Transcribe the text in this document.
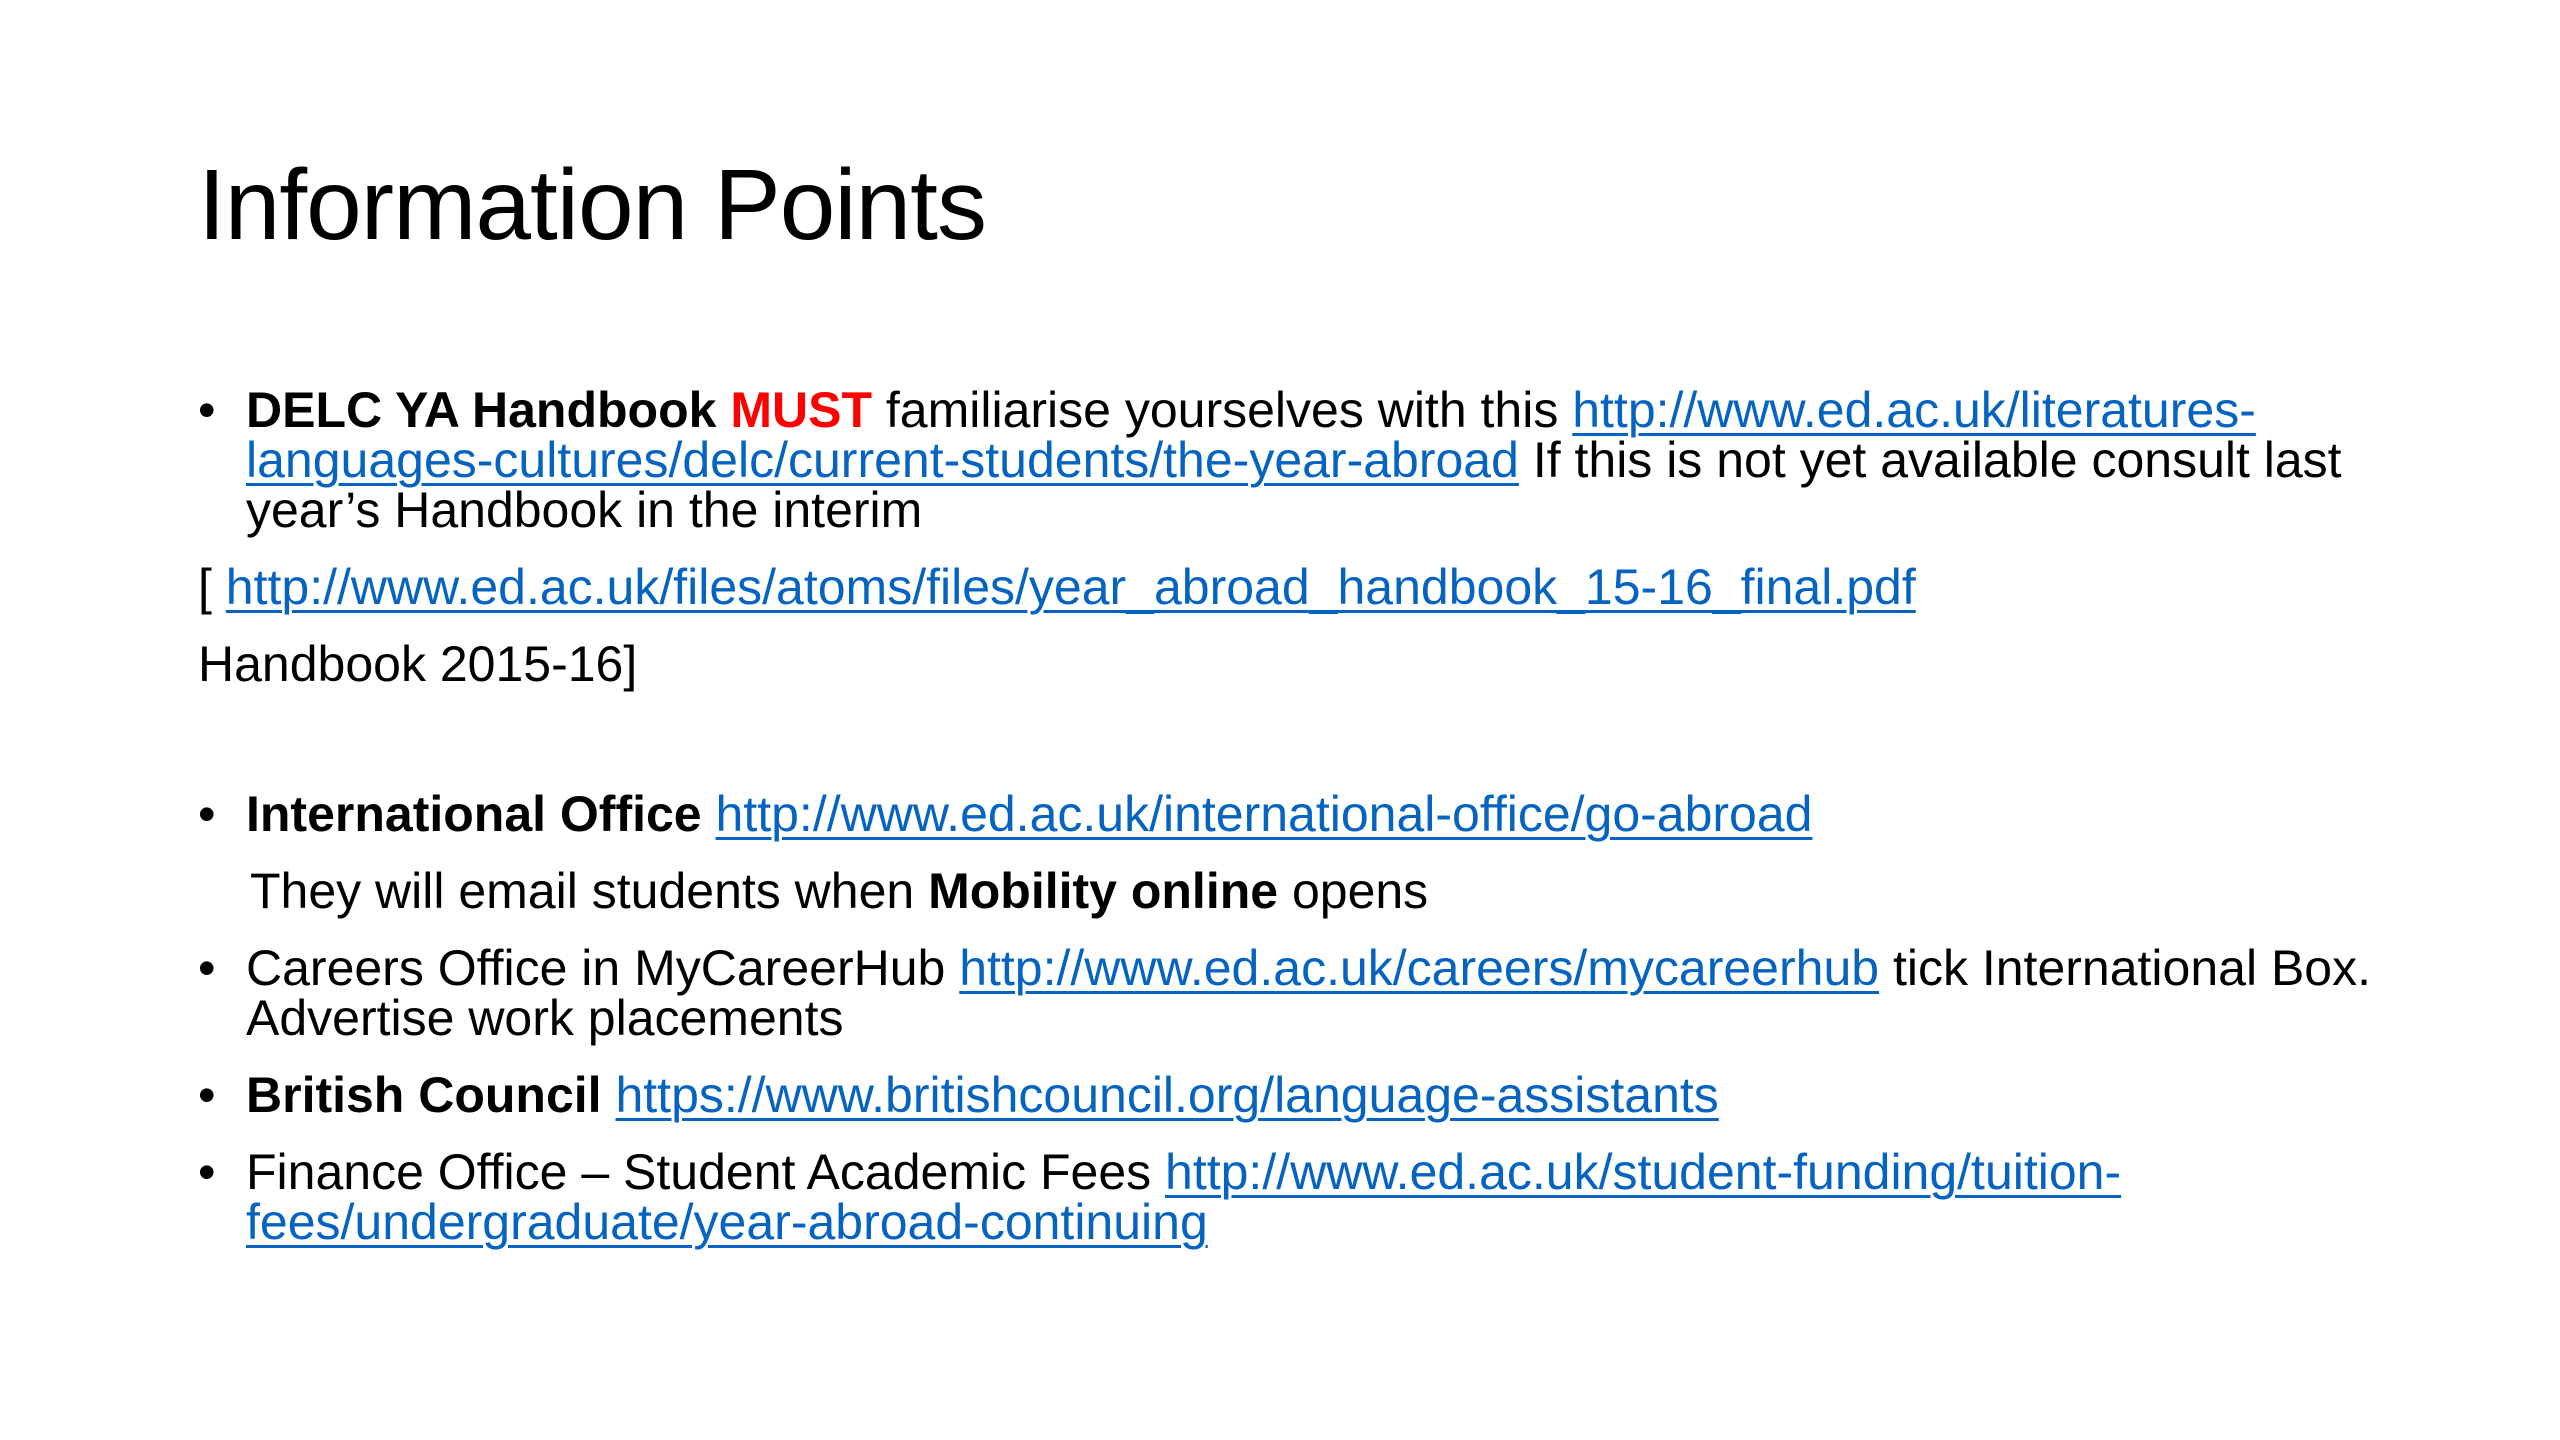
Information Points

• DELC YA Handbook MUST familiarise yourselves with this http://www.ed.ac.uk/literatures-languages-cultures/delc/current-students/the-year-abroad If this is not yet available consult last year’s Handbook in the interim

[ http://www.ed.ac.uk/files/atoms/files/year_abroad_handbook_15-16_final.pdf

Handbook 2015-16]

• International Office http://www.ed.ac.uk/international-office/go-abroad

They will email students when Mobility online opens

• Careers Office in MyCareerHub http://www.ed.ac.uk/careers/mycareerhub tick International Box. Advertise work placements

• British Council https://www.britishcouncil.org/language-assistants

• Finance Office – Student Academic Fees http://www.ed.ac.uk/student-funding/tuition-fees/undergraduate/year-abroad-continuing
